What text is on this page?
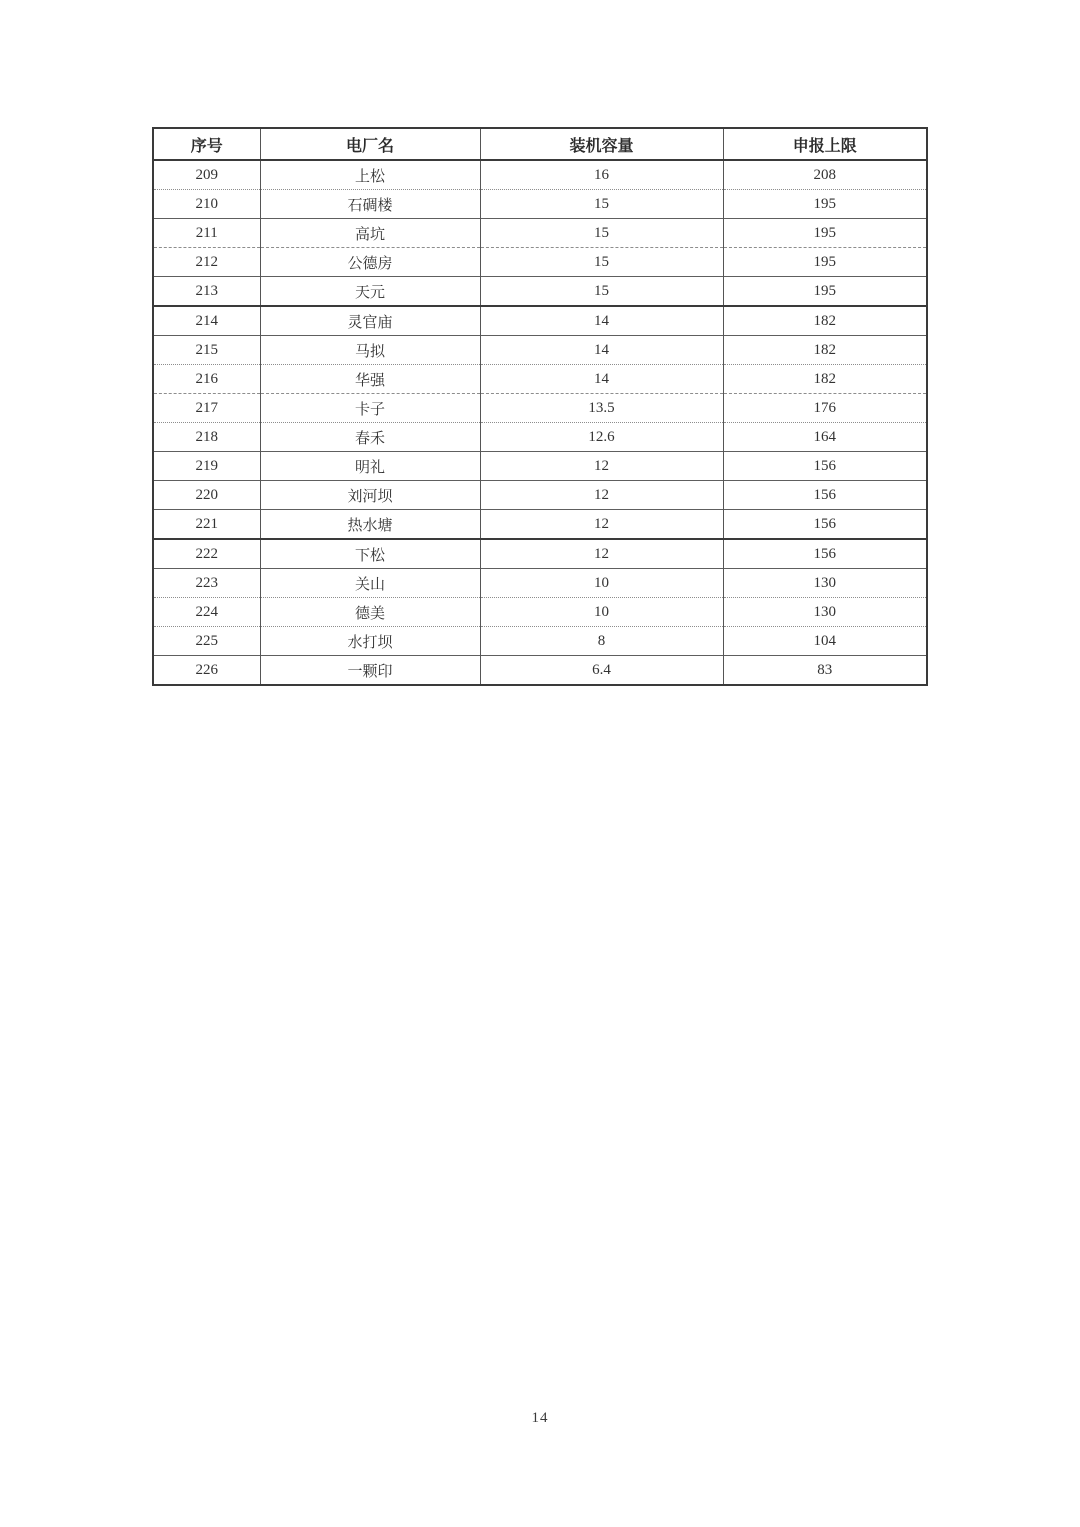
序号	电厂名	装机容量	申报上限
209	上松	16	208
210	石碉楼	15	195
211	高坑	15	195
212	公德房	15	195
213	天元	15	195
214	灵官庙	14	182
215	马拟	14	182
216	华强	14	182
217	卡子	13.5	176
218	春禾	12.6	164
219	明礼	12	156
220	刘河坝	12	156
221	热水塘	12	156
222	下松	12	156
223	关山	10	130
224	德美	10	130
225	水打坝	8	104
226	一颗印	6.4	83
14
